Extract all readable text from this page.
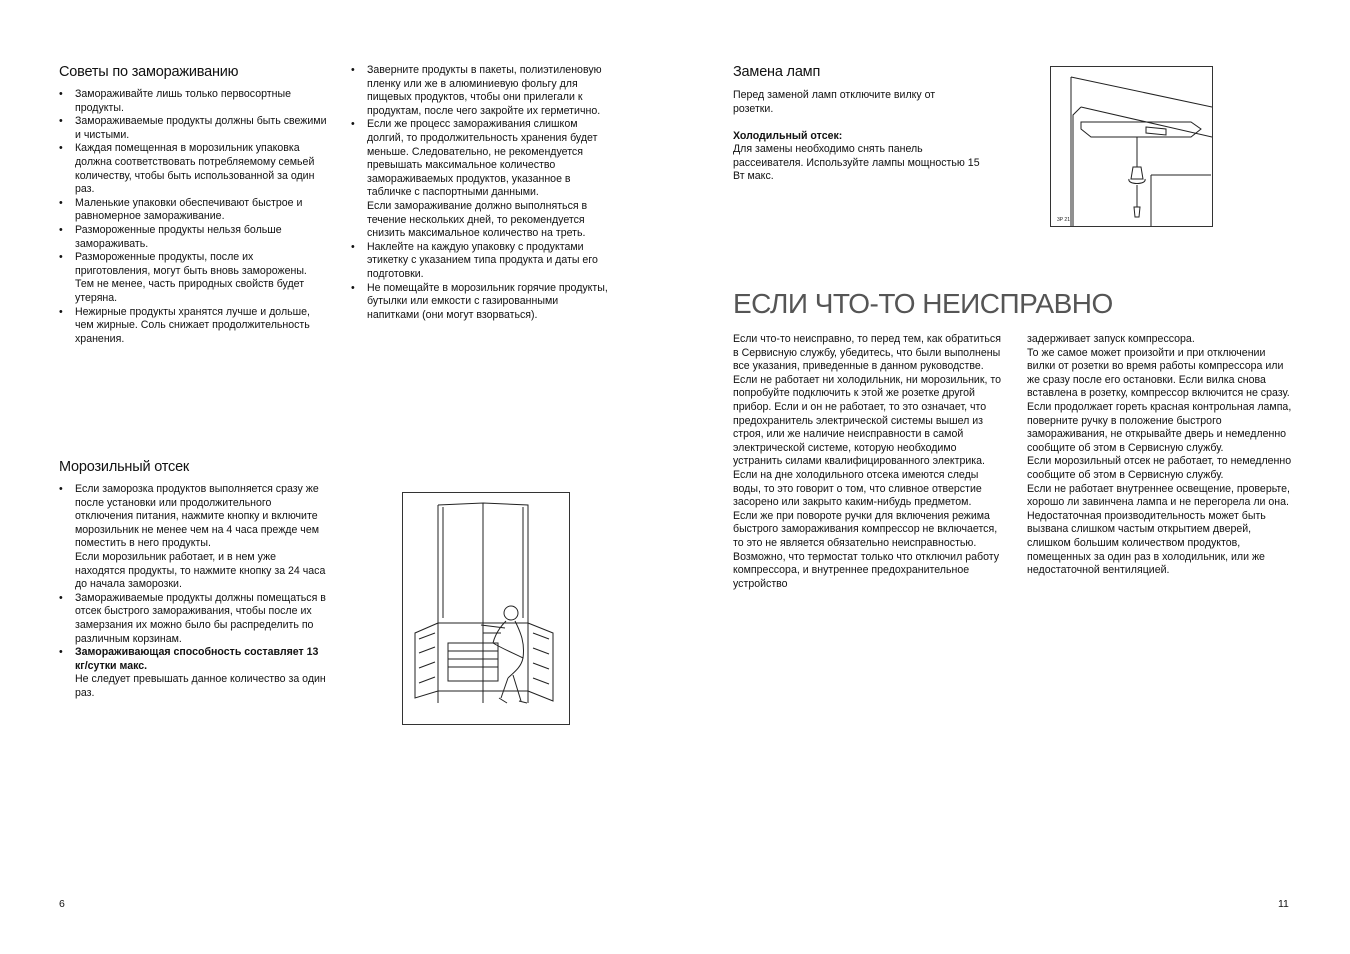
Советы по замораживанию
• Замораживайте лишь только первосортные продукты.
• Замораживаемые продукты должны быть свежими и чистыми.
• Каждая помещенная в морозильник упаковка должна соответствовать потребляемому семьей количеству, чтобы быть использованной за один раз.
• Маленькие упаковки обеспечивают быстрое и равномерное замораживание.
• Размороженные продукты нельзя больше замораживать.
• Размороженные продукты, после их приготовления, могут быть вновь заморожены. Тем не менее, часть природных свойств будет утеряна.
• Нежирные продукты хранятся лучше и дольше, чем жирные. Соль снижает продолжительность хранения.
• Заверните продукты в пакеты, полиэтиленовую пленку или же в алюминиевую фольгу для пищевых продуктов, чтобы они прилегали к продуктам, после чего закройте их герметично.
• Если же процесс замораживания слишком долгий, то продолжительность хранения будет меньше. Следовательно, не рекомендуется превышать максимальное количество замораживаемых продуктов, указанное в табличке с паспортными данными.
Если замораживание должно выполняться в течение нескольких дней, то рекомендуется снизить максимальное количество на треть.
• Наклейте на каждую упаковку с продуктами этикетку с указанием типа продукта и даты его подготовки.
• Не помещайте в морозильник горячие продукты, бутылки или емкости с газированными напитками (они могут взорваться).
Морозильный отсек
• Если заморозка продуктов выполняется сразу же после установки или продолжительного отключения питания, нажмите кнопку и включите морозильник не менее чем на 4 часа прежде чем поместить в него продукты.
Если морозильник работает, и в нем уже находятся продукты, то нажмите кнопку за 24 часа до начала заморозки.
• Замораживаемые продукты должны помещаться в отсек быстрого замораживания, чтобы после их замерзания их можно было бы распределить по различным корзинам.
• Замораживающая способность составляет 13 кг/сутки макс.
Не следует превышать данное количество за один раз.
6
Замена ламп

Перед заменой ламп отключите вилку от розетки.

Холодильный отсек:

Для замены необходимо снять панель рассеивателя. Используйте лампы мощностью 15 Вт макс.

3P 21
ЕСЛИ ЧТО-ТО НЕИСПРАВНО

Если что-то неисправно, то перед тем, как обратиться в Сервисную службу, убедитесь, что были выполнены все указания, приведенные в данном руководстве.

Если не работает ни холодильник, ни морозильник, то попробуйте подключить к этой же розетке другой прибор. Если и он не работает, то это означает, что предохранитель электрической системы вышел из строя, или же наличие неисправности в самой электрической системе, которую необходимо устранить силами квалифицированного электрика.

Если на дне холодильного отсека имеются следы воды, то это говорит о том, что сливное отверстие засорено или закрыто каким-нибудь предметом.

Если же при повороте ручки для включения режима быстрого замораживания компрессор не включается, то это не является обязательно неисправностью. Возможно, что термостат только что отключил работу компрессора, и внутреннее предохранительное устройство

задерживает запуск компрессора.

То же самое может произойти и при отключении вилки от розетки во время работы компрессора или же сразу после его остановки. Если вилка снова вставлена в розетку, компрессор включится не сразу.

Если продолжает гореть красная контрольная лампа, поверните ручку в положение быстрого замораживания, не открывайте дверь и немедленно сообщите об этом в Сервисную службу.

Если морозильный отсек не работает, то немедленно сообщите об этом в Сервисную службу.

Если не работает внутреннее освещение, проверьте, хорошо ли завинчена лампа и не перегорела ли она.

Недостаточная производительность может быть вызвана слишком частым открытием дверей, слишком большим количеством продуктов, помещенных за один раз в холодильник, или же недостаточной вентиляцией.

11
